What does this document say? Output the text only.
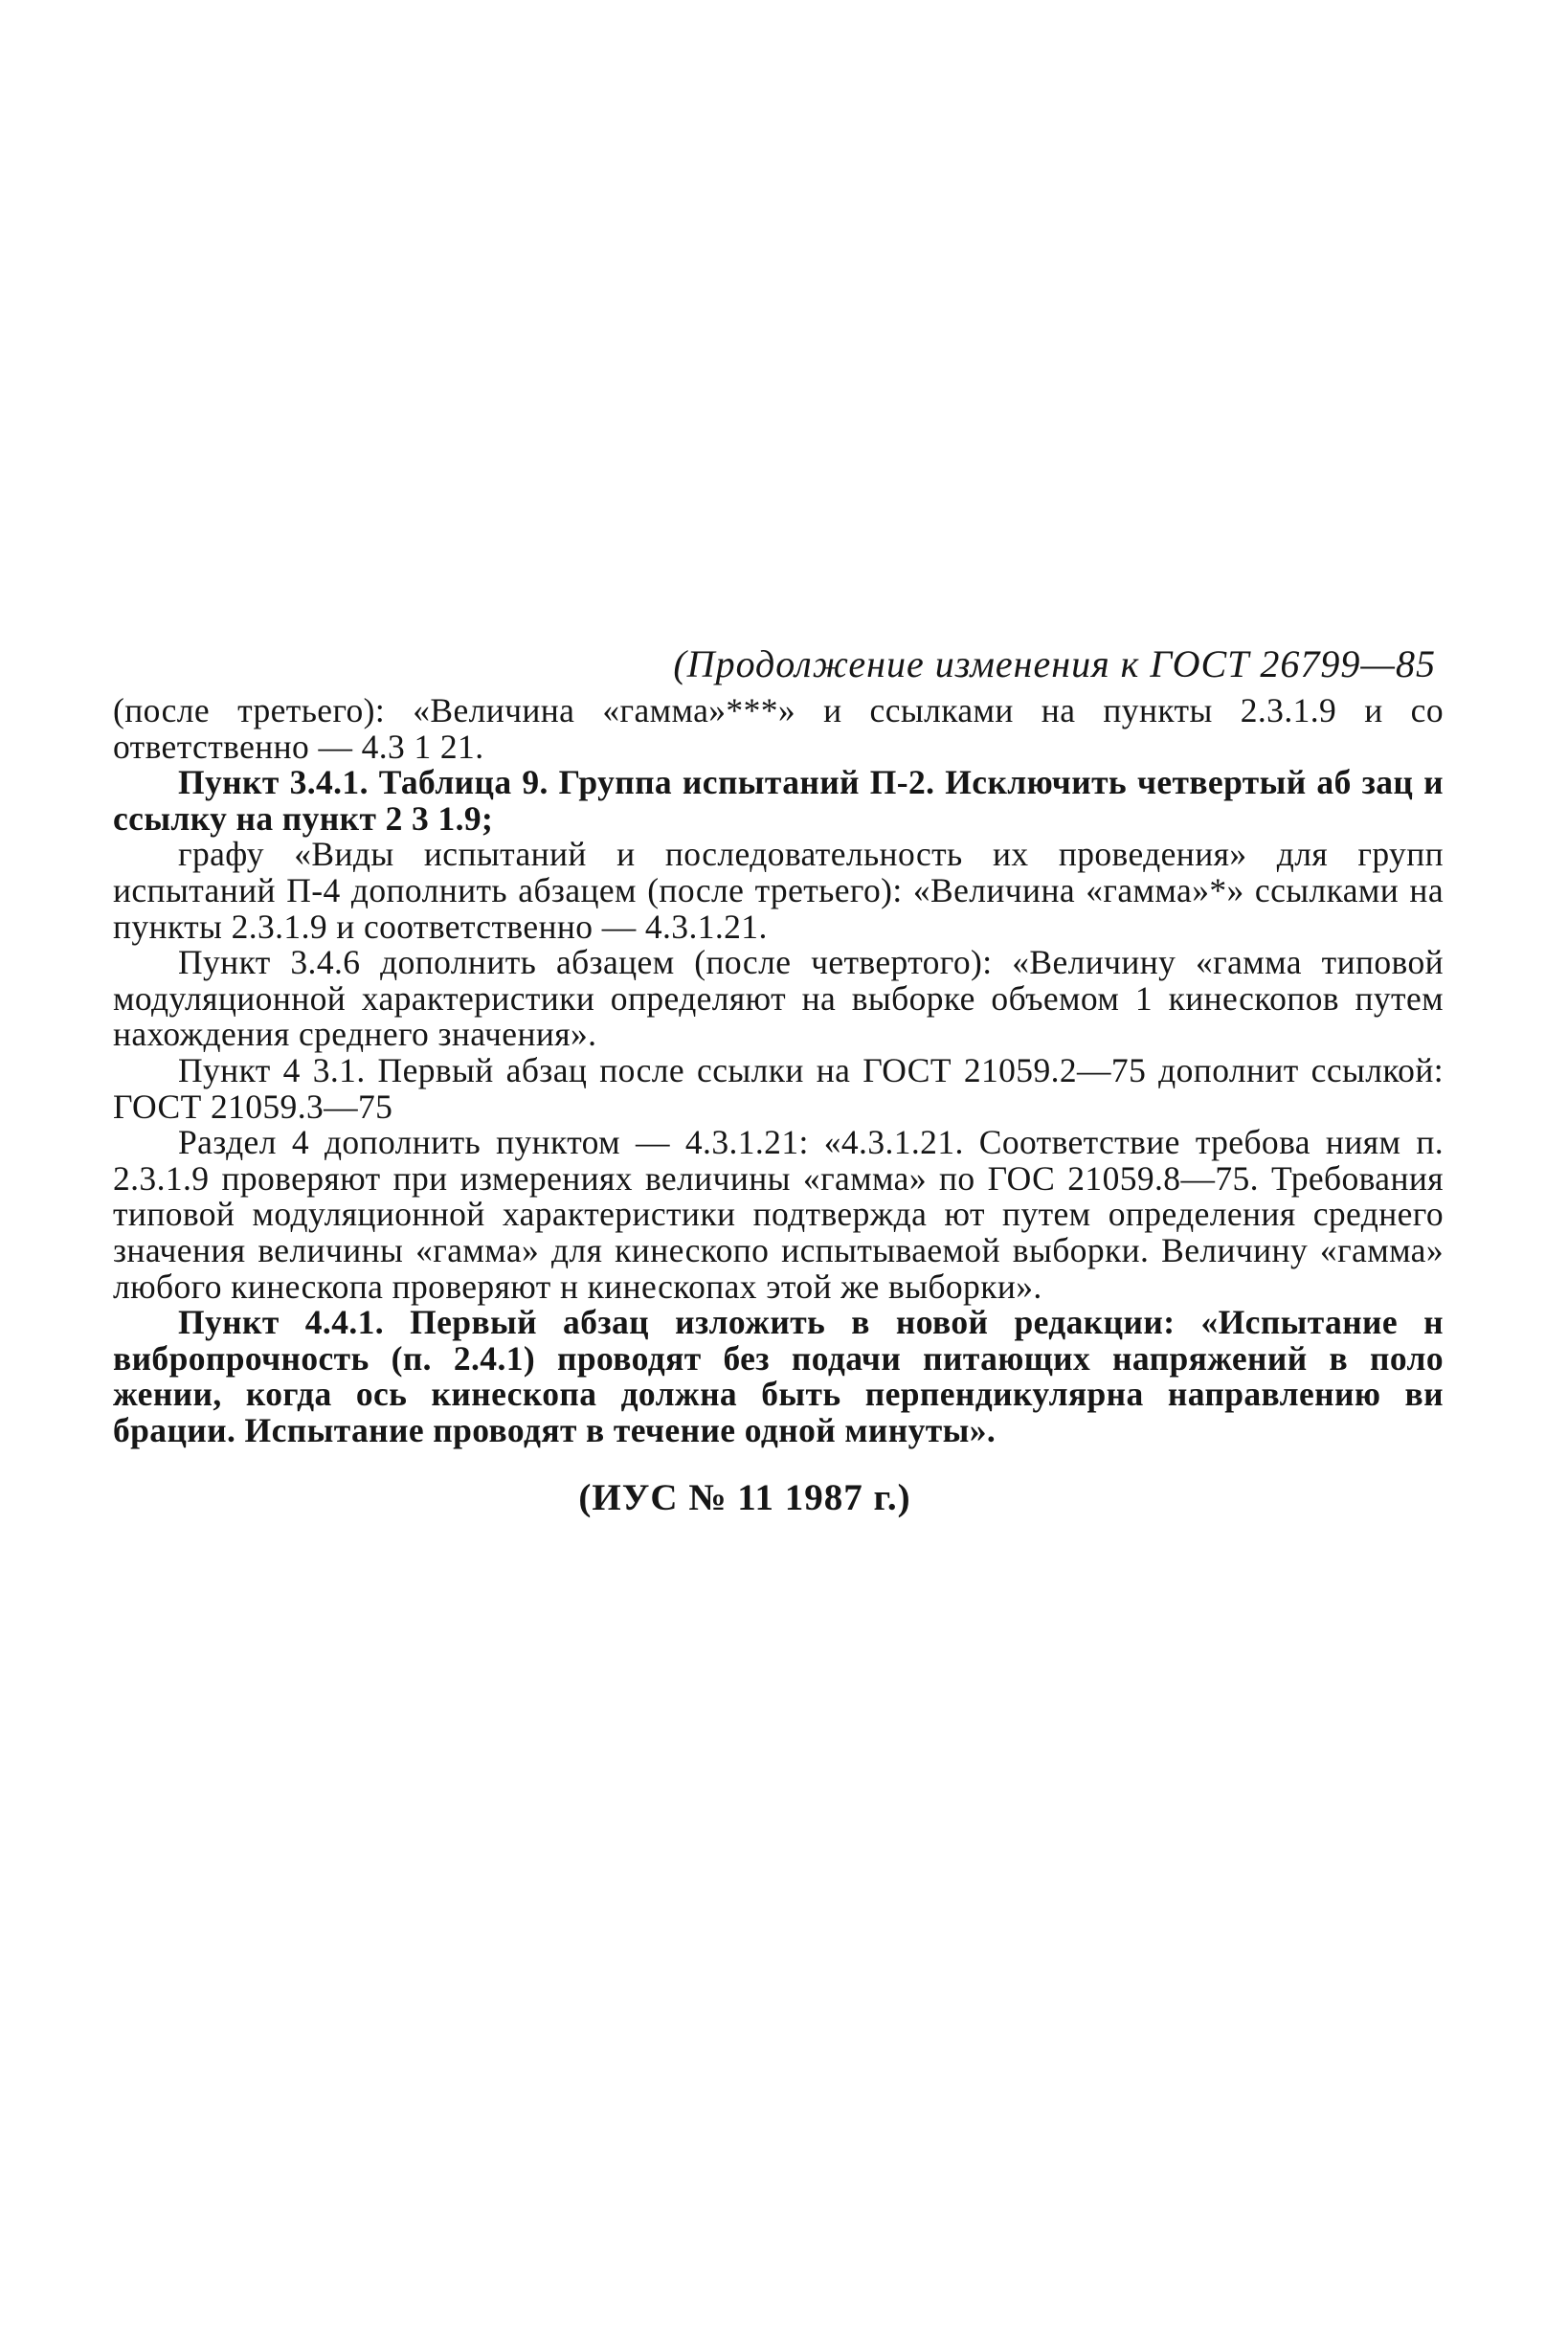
(Продолжение изменения к ГОСТ 26799—85

(после третьего): «Величина «гамма»***» и ссылками на пункты 2.3.1.9 и со ответственно — 4.3 1 21.

Пункт 3.4.1. Таблица 9. Группа испытаний П-2. Исключить четвертый аб зац и ссылку на пункт 2 3 1.9;

графу «Виды испытаний и последовательность их проведения» для групп испытаний П-4 дополнить абзацем (после третьего): «Величина «гамма»*» ссылками на пункты 2.3.1.9 и соответственно — 4.3.1.21.

Пункт 3.4.6 дополнить абзацем (после четвертого): «Величину «гамма типовой модуляционной характеристики определяют на выборке объемом 1 кинескопов путем нахождения среднего значения».

Пункт 4 3.1. Первый абзац после ссылки на ГОСТ 21059.2—75 дополнит ссылкой: ГОСТ 21059.3—75

Раздел 4 дополнить пунктом — 4.3.1.21: «4.3.1.21. Соответствие требова ниям п. 2.3.1.9 проверяют при измерениях величины «гамма» по ГОС 21059.8—75. Требования типовой модуляционной характеристики подтвержда ют путем определения среднего значения величины «гамма» для кинескопо испытываемой выборки. Величину «гамма» любого кинескопа проверяют н кинескопах этой же выборки».

Пункт 4.4.1. Первый абзац изложить в новой редакции: «Испытание н вибропрочность (п. 2.4.1) проводят без подачи питающих напряжений в поло жении, когда ось кинескопа должна быть перпендикулярна направлению ви брации. Испытание проводят в течение одной минуты».

(ИУС № 11 1987 г.)
